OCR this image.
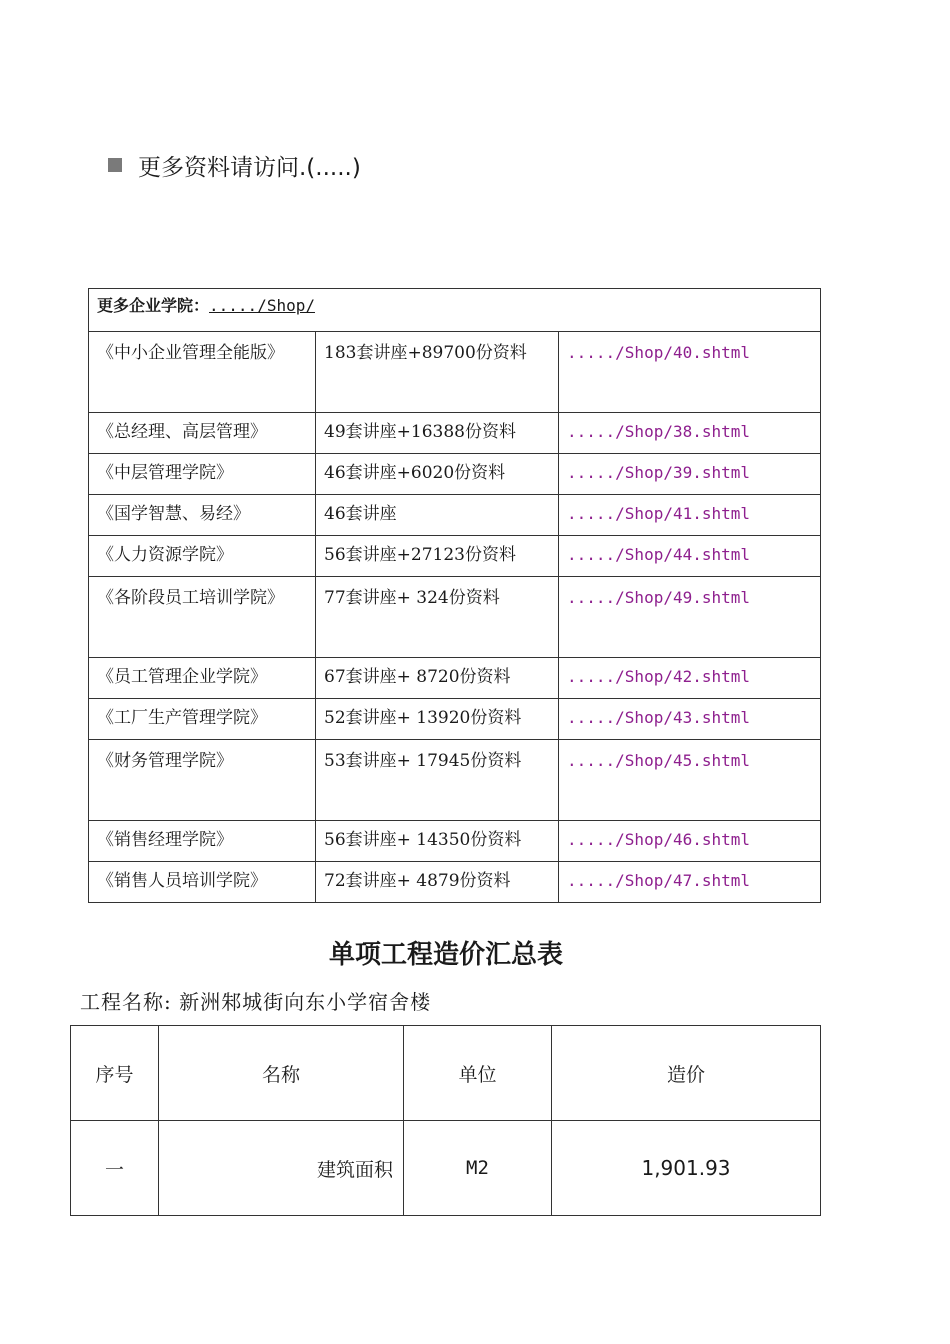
更多资料请访问.(.....)
更多企业学院：...../Shop/		
《中小企业管理全能版》	183套讲座+89700份资料	...../Shop/40.shtml
《总经理、高层管理》	49套讲座+16388份资料	...../Shop/38.shtml
《中层管理学院》	46套讲座+6020份资料	...../Shop/39.shtml
《国学智慧、易经》	46套讲座	...../Shop/41.shtml
《人力资源学院》	56套讲座+27123份资料	...../Shop/44.shtml
《各阶段员工培训学院》	77套讲座+ 324份资料	...../Shop/49.shtml
《员工管理企业学院》	67套讲座+ 8720份资料	...../Shop/42.shtml
《工厂生产管理学院》	52套讲座+ 13920份资料	...../Shop/43.shtml
《财务管理学院》	53套讲座+ 17945份资料	...../Shop/45.shtml
《销售经理学院》	56套讲座+ 14350份资料	...../Shop/46.shtml
《销售人员培训学院》	72套讲座+ 4879份资料	...../Shop/47.shtml
单项工程造价汇总表
工程名称: 新洲邾城街向东小学宿舍楼
序号	名称	单位	造价
一	建筑面积	M2	1,901.93
